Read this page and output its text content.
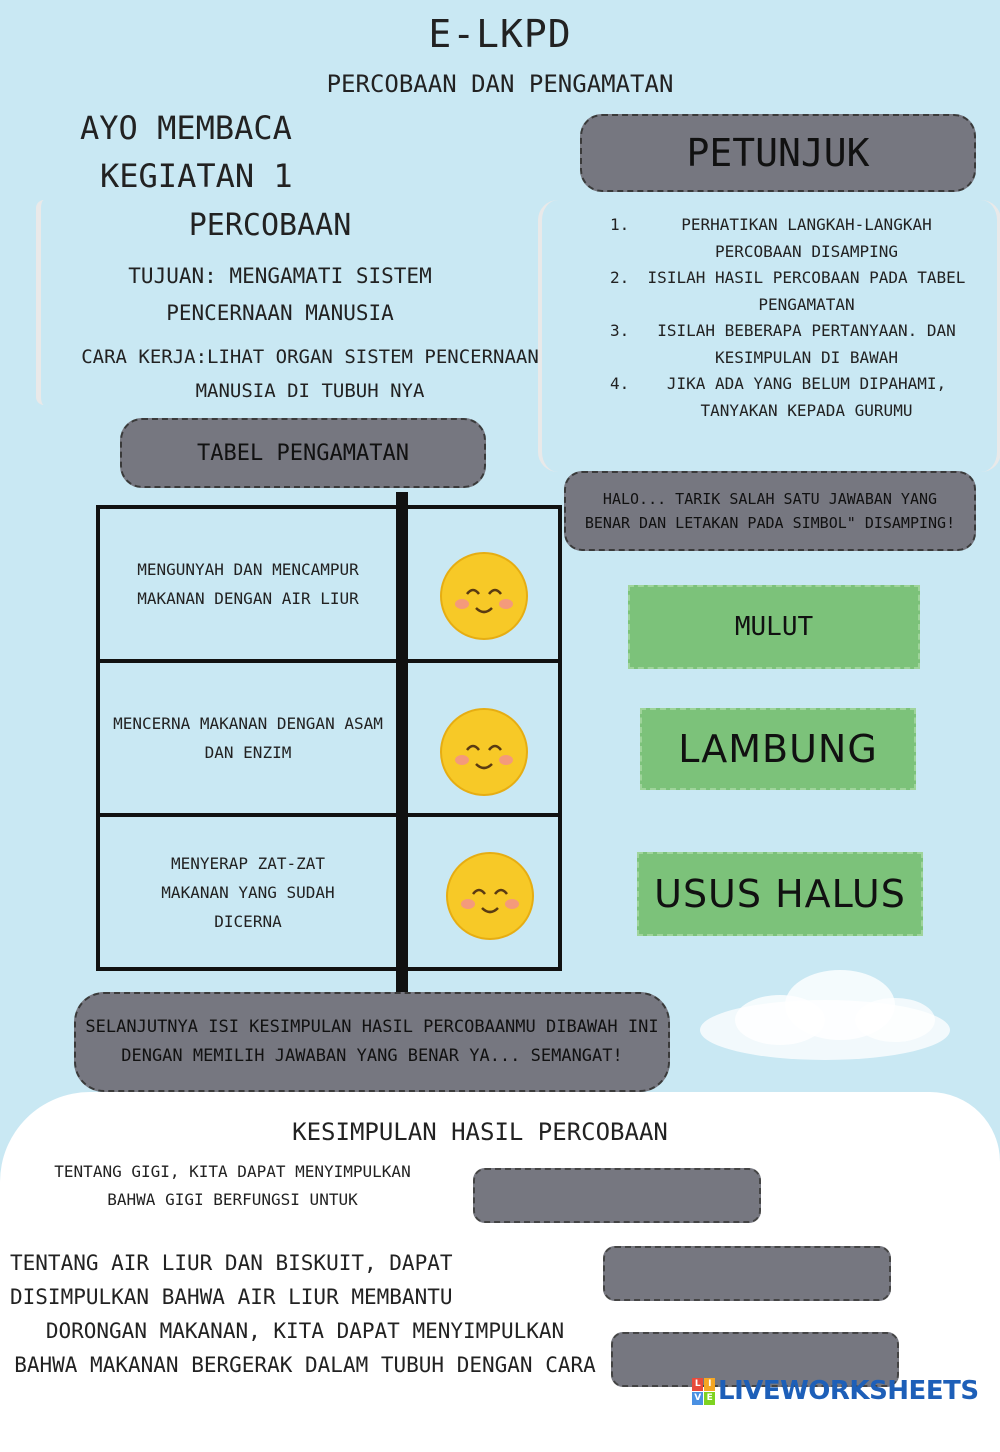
E-LKPD
PERCOBAAN DAN PENGAMATAN
AYO MEMBACA
KEGIATAN 1
PERCOBAAN
TUJUAN: MENGAMATI SISTEM PENCERNAAN MANUSIA
CARA KERJA:LIHAT ORGAN SISTEM PENCERNAAN MANUSIA DI TUBUH NYA
PETUNJUK
1.	PERHATIKAN LANGKAH-LANGKAH PERCOBAAN DISAMPING
2.	ISILAH HASIL PERCOBAAN PADA TABEL PENGAMATAN
3.	ISILAH BEBERAPA PERTANYAAN. DAN KESIMPULAN DI BAWAH
4.	JIKA ADA YANG BELUM DIPAHAMI, TANYAKAN KEPADA GURUMU
TABEL PENGAMATAN
HALO... TARIK SALAH SATU JAWABAN YANG BENAR DAN LETAKAN PADA SIMBOL" DISAMPING!
MENGUNYAH DAN MENCAMPUR MAKANAN DENGAN AIR LIUR
MENCERNA MAKANAN DENGAN ASAM DAN ENZIM
MENYERAP ZAT-ZAT MAKANAN YANG SUDAH DICERNA
MULUT
LAMBUNG
USUS HALUS
SELANJUTNYA ISI KESIMPULAN HASIL PERCOBAANMU DIBAWAH INI DENGAN MEMILIH JAWABAN YANG BENAR YA... SEMANGAT!
KESIMPULAN HASIL PERCOBAAN
TENTANG GIGI, KITA DAPAT MENYIMPULKAN BAHWA GIGI BERFUNGSI UNTUK
TENTANG AIR LIUR DAN BISKUIT, DAPAT DISIMPULKAN BAHWA AIR LIUR MEMBANTU
DORONGAN MAKANAN, KITA DAPAT MENYIMPULKAN BAHWA MAKANAN BERGERAK DALAM TUBUH DENGAN CARA
L I
V E LIVEWORKSHEETS
